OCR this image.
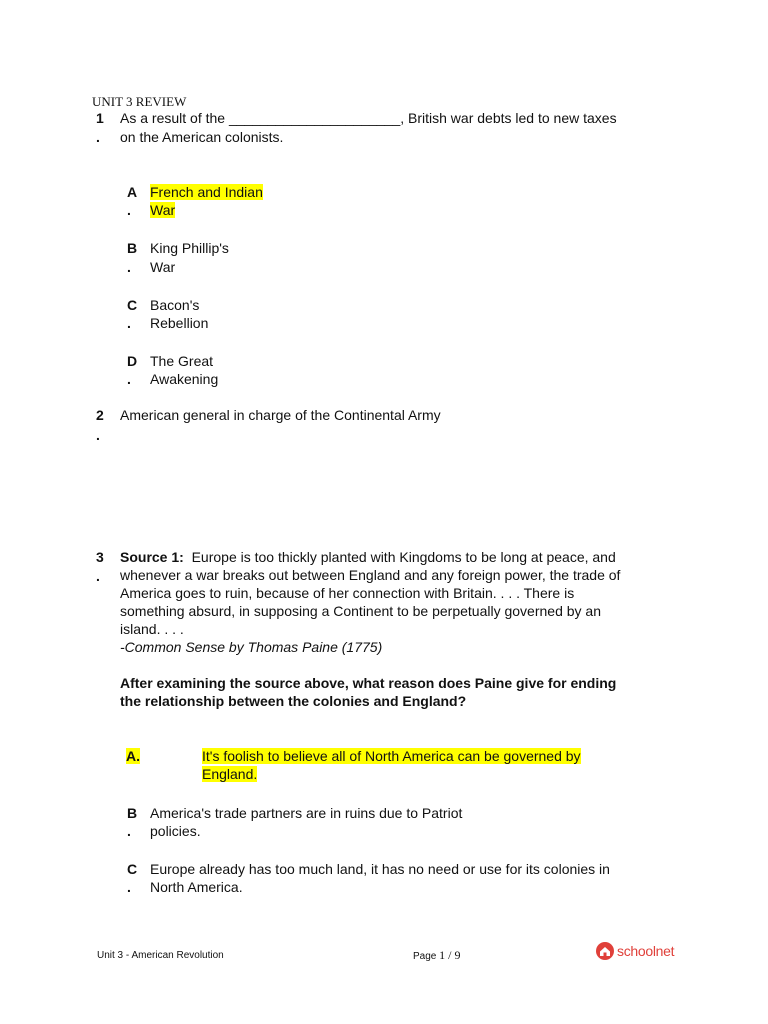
UNIT 3 REVIEW
1
.
As a result of the ______________________, British war debts led to new taxes
on the American colonists.
A
.
French and Indian
War
B
.
King Phillip's
War
C
.
Bacon's
Rebellion
D
.
The Great
Awakening
2
.
American general in charge of the Continental Army
3
.
Source 1: Europe is too thickly planted with Kingdoms to be long at peace, and
whenever a war breaks out between England and any foreign power, the trade of
America goes to ruin, because of her connection with Britain. . . . There is
something absurd, in supposing a Continent to be perpetually governed by an
island. . . .
-Common Sense by Thomas Paine (1775)
After examining the source above, what reason does Paine give for ending
the relationship between the colonies and England?
A.	It's foolish to believe all of North America can be governed by
England.
B
.
America's trade partners are in ruins due to Patriot
policies.
C
.
Europe already has too much land, it has no need or use for its colonies in
North America.
Unit 3 - American Revolution	Page 1 / 9	schoolnet
